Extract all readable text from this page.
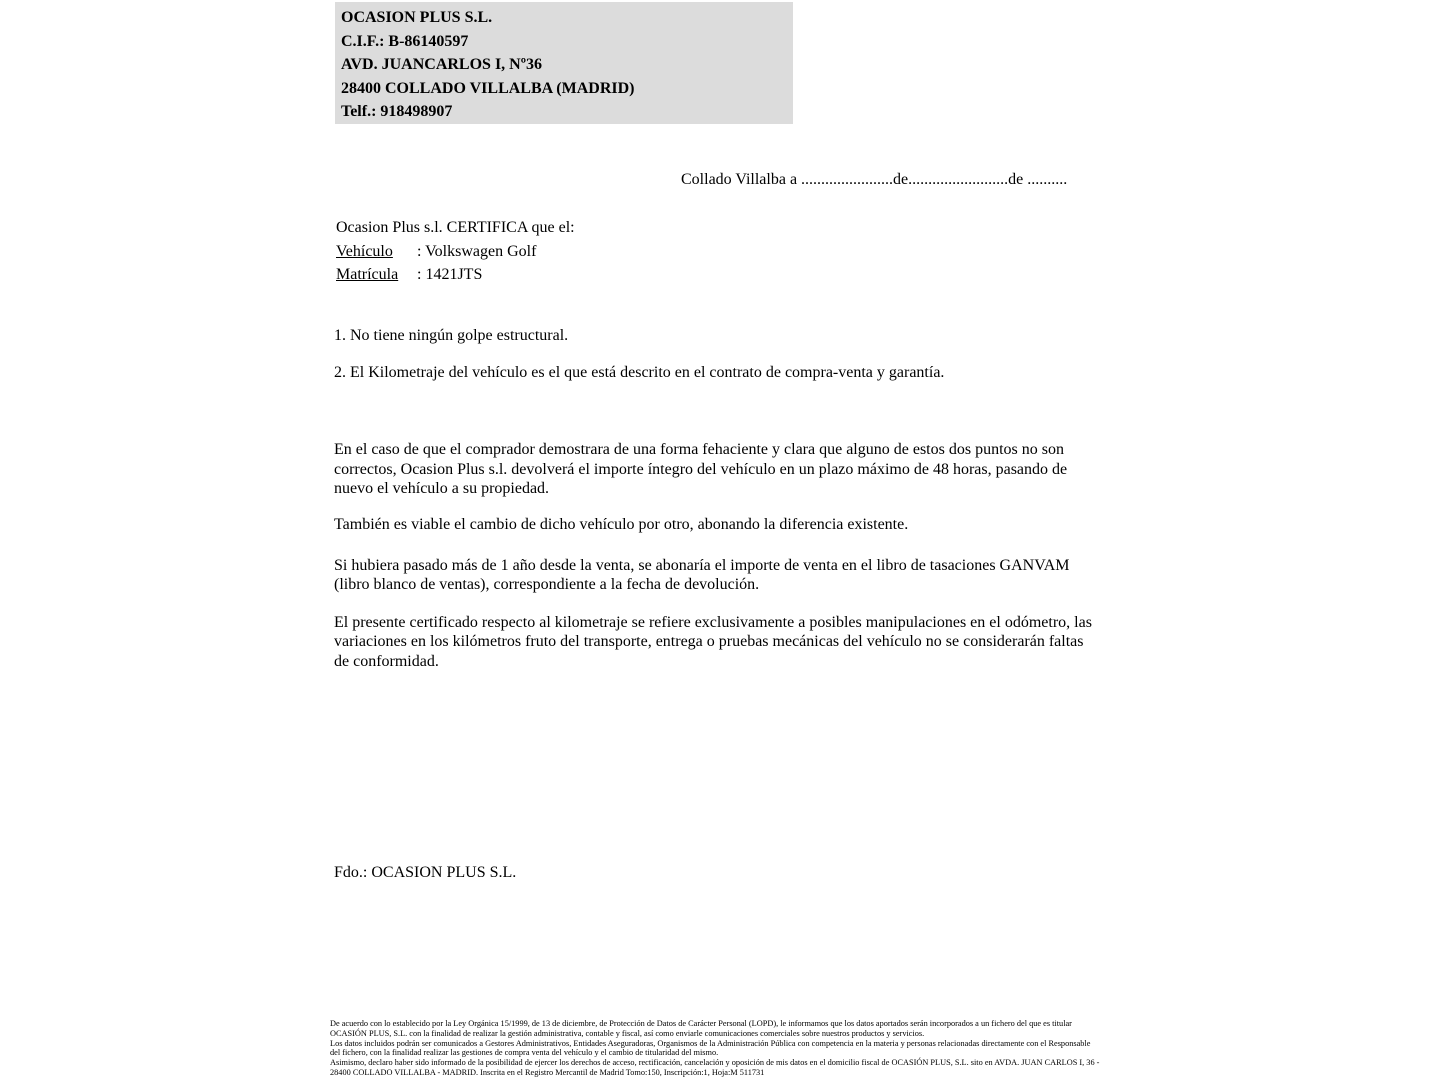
OCASION PLUS S.L.
C.I.F.: B-86140597
AVD. JUANCARLOS I, Nº36
28400 COLLADO VILLALBA (MADRID)
Telf.: 918498907
Collado Villalba a .......................de.........................de ..........
Ocasion Plus s.l. CERTIFICA que el:
Vehículo	: Volkswagen Golf
Matrícula	: 1421JTS

1. No tiene ningún golpe estructural.

2. El Kilometraje del vehículo es el que está descrito en el contrato de compra-venta y garantía.

En el caso de que el comprador demostrara de una forma fehaciente y clara que alguno de estos dos puntos no son correctos, Ocasion Plus s.l. devolverá el importe íntegro del vehículo en un plazo máximo de 48 horas, pasando de nuevo el vehículo a su propiedad.

También es viable el cambio de dicho vehículo por otro, abonando la diferencia existente.

Si hubiera pasado más de 1 año desde la venta, se abonaría el importe de venta en el libro de tasaciones GANVAM (libro blanco de ventas), correspondiente a la fecha de devolución.

El presente certificado respecto al kilometraje se refiere exclusivamente a posibles manipulaciones en el odómetro, las variaciones en los kilómetros fruto del transporte, entrega o pruebas mecánicas del vehículo no se considerarán faltas de conformidad.

Fdo.: OCASION PLUS S.L.

De acuerdo con lo establecido por la Ley Orgánica 15/1999, de 13 de diciembre, de Protección de Datos de Carácter Personal (LOPD), le informamos que los datos aportados serán incorporados a un fichero del que es titular OCASIÓN PLUS, S.L. con la finalidad de realizar la gestión administrativa, contable y fiscal, así como enviarle comunicaciones comerciales sobre nuestros productos y servicios.
Los datos incluidos podrán ser comunicados a Gestores Administrativos, Entidades Aseguradoras, Organismos de la Administración Pública con competencia en la materia y personas relacionadas directamente con el Responsable del fichero, con la finalidad realizar las gestiones de compra venta del vehículo y el cambio de titularidad del mismo.
Asimismo, declaro haber sido informado de la posibilidad de ejercer los derechos de acceso, rectificación, cancelación y oposición de mis datos en el domicilio fiscal de OCASIÓN PLUS, S.L. sito en AVDA. JUAN CARLOS I, 36 - 28400 COLLADO VILLALBA - MADRID. Inscrita en el Registro Mercantil de Madrid Tomo:150, Inscripción:1, Hoja:M 511731
